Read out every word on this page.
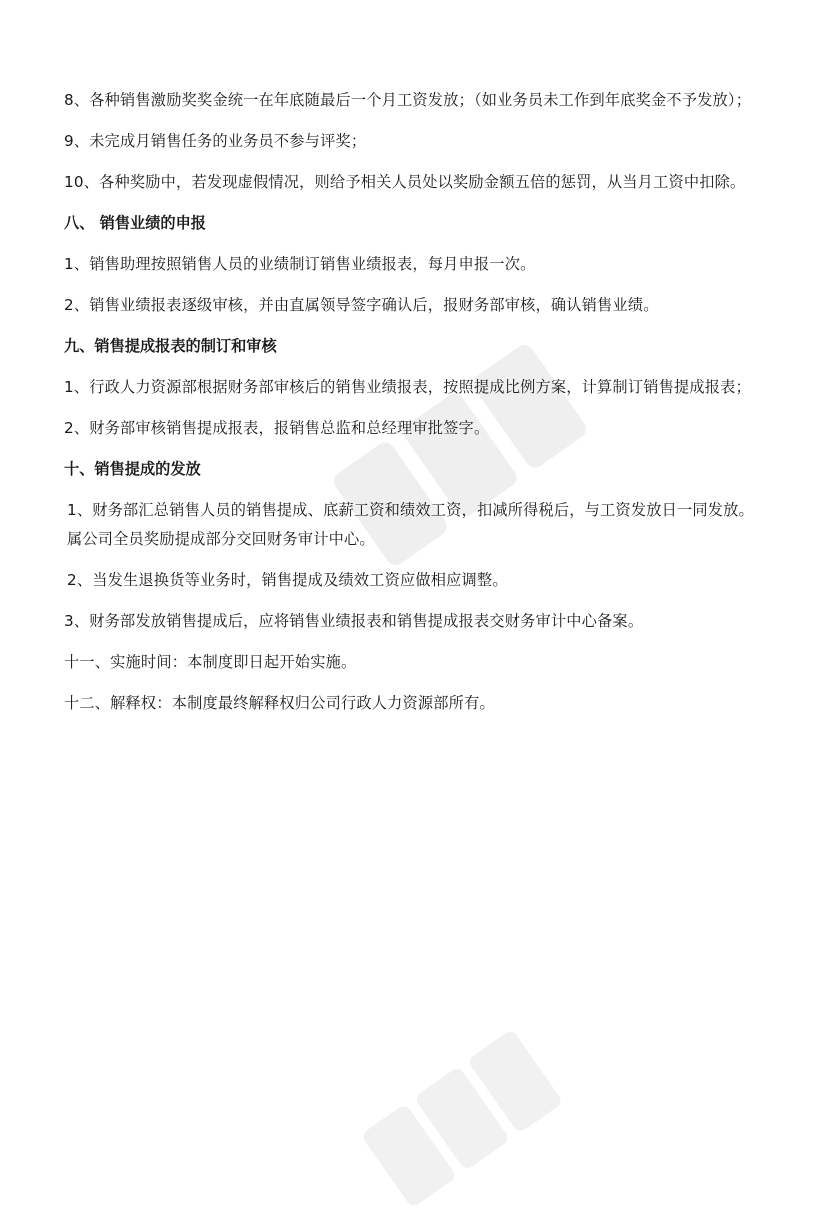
8、各种销售激励奖奖金统一在年底随最后一个月工资发放；（如业务员未工作到年底奖金不予发放）；

9、未完成月销售任务的业务员不参与评奖；

10、各种奖励中，若发现虚假情况，则给予相关人员处以奖励金额五倍的惩罚，从当月工资中扣除。

八、 销售业绩的申报

1、销售助理按照销售人员的业绩制订销售业绩报表，每月申报一次。

2、销售业绩报表逐级审核，并由直属领导签字确认后，报财务部审核，确认销售业绩。

九、销售提成报表的制订和审核

1、行政人力资源部根据财务部审核后的销售业绩报表，按照提成比例方案，计算制订销售提成报表；

2、财务部审核销售提成报表，报销售总监和总经理审批签字。

十、销售提成的发放

1、财务部汇总销售人员的销售提成、底薪工资和绩效工资，扣减所得税后，与工资发放日一同发放。属公司全员奖励提成部分交回财务审计中心。

2、当发生退换货等业务时，销售提成及绩效工资应做相应调整。

3、财务部发放销售提成后，应将销售业绩报表和销售提成报表交财务审计中心备案。

十一、实施时间：本制度即日起开始实施。

十二、解释权：本制度最终解释权归公司行政人力资源部所有。
